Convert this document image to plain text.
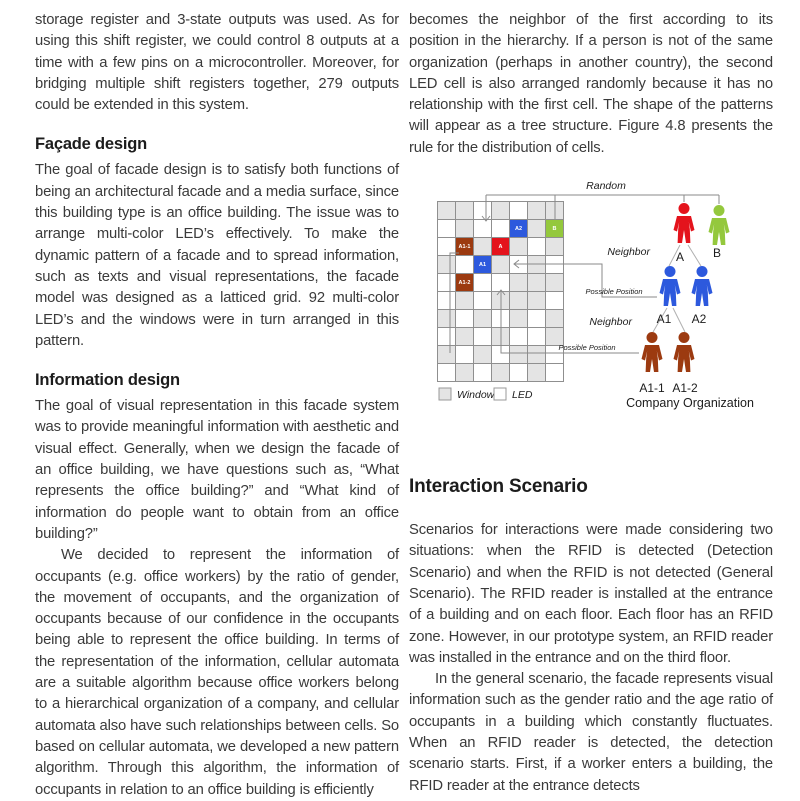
storage register and 3-state outputs was used. As for using this shift register, we could control 8 outputs at a time with a few pins on a microcontroller. Moreover, for bridging multiple shift registers together, 279 outputs could be extended in this system.

Façade design

The goal of facade design is to satisfy both functions of being an architectural facade and a media surface, since this building type is an office building. The issue was to arrange multi-color LED’s effectively. To make the dynamic pattern of a facade and to spread information, such as texts and visual representations, the facade model was designed as a latticed grid. 92 multi-color LED’s and the windows were in turn arranged in this pattern.

Information design

The goal of visual representation in this facade system was to provide meaningful information with aesthetic and visual effect. Generally, when we design the facade of an office building, we have questions such as, “What represents the office building?” and “What kind of information do people want to obtain from an office building?”

We decided to represent the information of occupants (e.g. office workers) by the ratio of gender, the movement of occupants, and the organization of occupants because of our confidence in the occupants being able to represent the office building. In terms of the representation of the information, cellular automata are a suitable algorithm because office workers belong to a hierarchical organization of a company, and cellular automata also have such relationships between cells. So based on cellular automata, we developed a new pattern algorithm. Through this algorithm, the information of occupants in relation to an office building is efficiently

becomes the neighbor of the first according to its position in the hierarchy. If a person is not of the same organization (perhaps in another country), the second LED cell is also arranged randomly because it has no relationship with the first cell. The shape of the patterns will appear as a tree structure. Figure 4.8 presents the rule for the distribution of cells.

A2	B
A1-1	A
A1
A1-2
Random
Neighbor
Neighbor
Possible Position
Possible Position
A B
A1 A2
A1-1 A1-2
Window LED
Company Organization
Interaction Scenario

Scenarios for interactions were made considering two situations: when the RFID is detected (Detection Scenario) and when the RFID is not detected (General Scenario). The RFID reader is installed at the entrance of a building and on each floor. Each floor has an RFID zone. However, in our prototype system, an RFID reader was installed in the entrance and on the third floor.

In the general scenario, the facade represents visual information such as the gender ratio and the age ratio of occupants in a building which constantly fluctuates. When an RFID reader is detected, the detection scenario starts. First, if a worker enters a building, the RFID reader at the entrance detects
